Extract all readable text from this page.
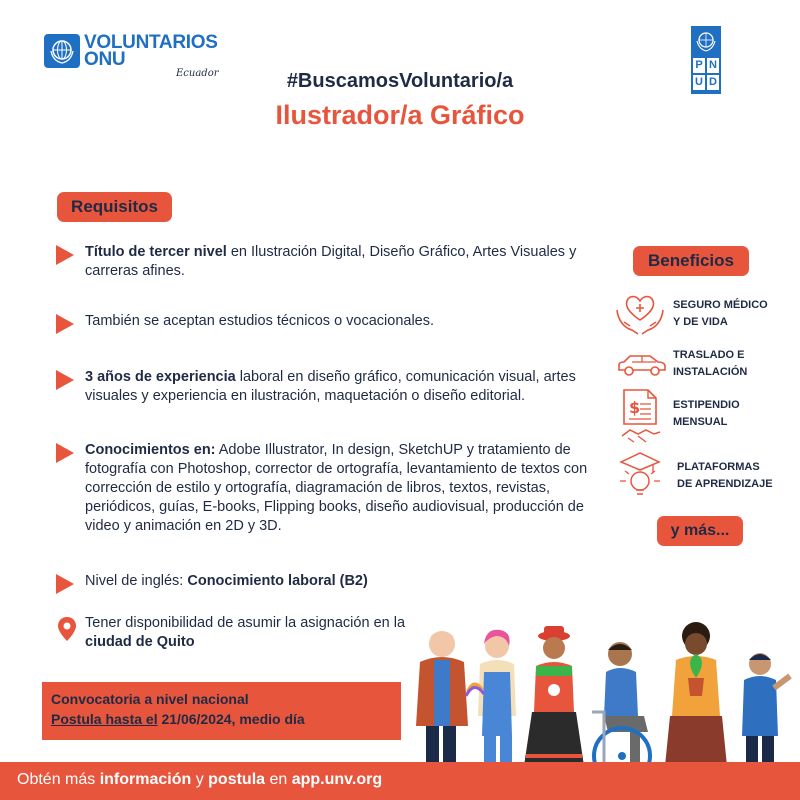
VOLUNTARIOS
ONU
Ecuador
P N
U D
#BuscamosVoluntario/a
Ilustrador/a Gráfico
Requisitos
Título de tercer nivel en Ilustración Digital, Diseño Gráfico, Artes Visuales y carreras afines.
También se aceptan estudios técnicos o vocacionales.
3 años de experiencia laboral en diseño gráfico, comunicación visual, artes visuales y experiencia en ilustración, maquetación o diseño editorial.
Conocimientos en: Adobe Illustrator, In design, SketchUP y tratamiento de fotografía con Photoshop, corrector de ortografía, levantamiento de textos con corrección de estilo y ortografía, diagramación de libros, textos, revistas, periódicos, guías, E-books, Flipping books, diseño audiovisual, producción de video y animación en 2D y 3D.
Nivel de inglés: Conocimiento laboral (B2)
Tener disponibilidad de asumir la asignación en la ciudad de Quito
Beneficios
SEGURO MÉDICO
Y DE VIDA
TRASLADO E
INSTALACIÓN
$	ESTIPENDIO
MENSUAL
PLATAFORMAS
DE APRENDIZAJE
y más...
Convocatoria a nivel nacional
Postula hasta el 21/06/2024, medio día
Obtén más información y postula en app.unv.org
